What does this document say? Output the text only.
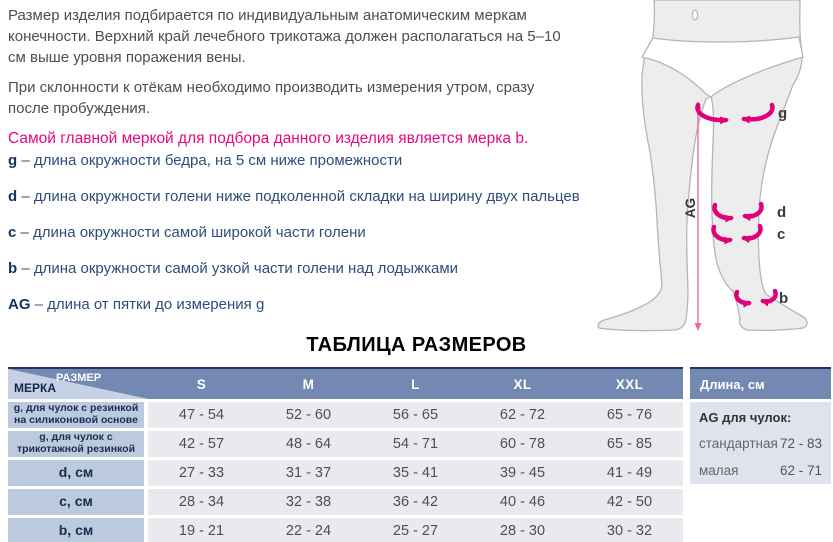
Размер изделия подбирается по индивидуальным анатомическим меркам
конечности. Верхний край лечебного трикотажа должен располагаться на 5–10
см выше уровня поражения вены.
При склонности к отёкам необходимо производить измерения утром, сразу
после пробуждения.
Самой главной меркой для подбора данного изделия является мерка b.
g – длина окружности бедра, на 5 см ниже промежности
d – длина окружности голени ниже подколенной складки на ширину двух пальцев
c – длина окружности самой широкой части голени
b – длина окружности самой узкой части голени над лодыжками
AG – длина от пятки до измерения g
g
d
c
b
AG
ТАБЛИЦА РАЗМЕРОВ
РАЗМЕР
МЕРКА	S	M	L	XL	XXL
g, для чулок с резинкой на силиконовой основе	47 - 54	52 - 60	56 - 65	62 - 72	65 - 76
g, для чулок с трикотажной резинкой	42 - 57	48 - 64	54 - 71	60 - 78	65 - 85
d, см	27 - 33	31 - 37	35 - 41	39 - 45	41 - 49
c, см	28 - 34	32 - 38	36 - 42	40 - 46	42 - 50
b, см	19 - 21	22 - 24	25 - 27	28 - 30	30 - 32
Длина, см
AG для чулок:
стандартная 72 - 83
малая	62 - 71
